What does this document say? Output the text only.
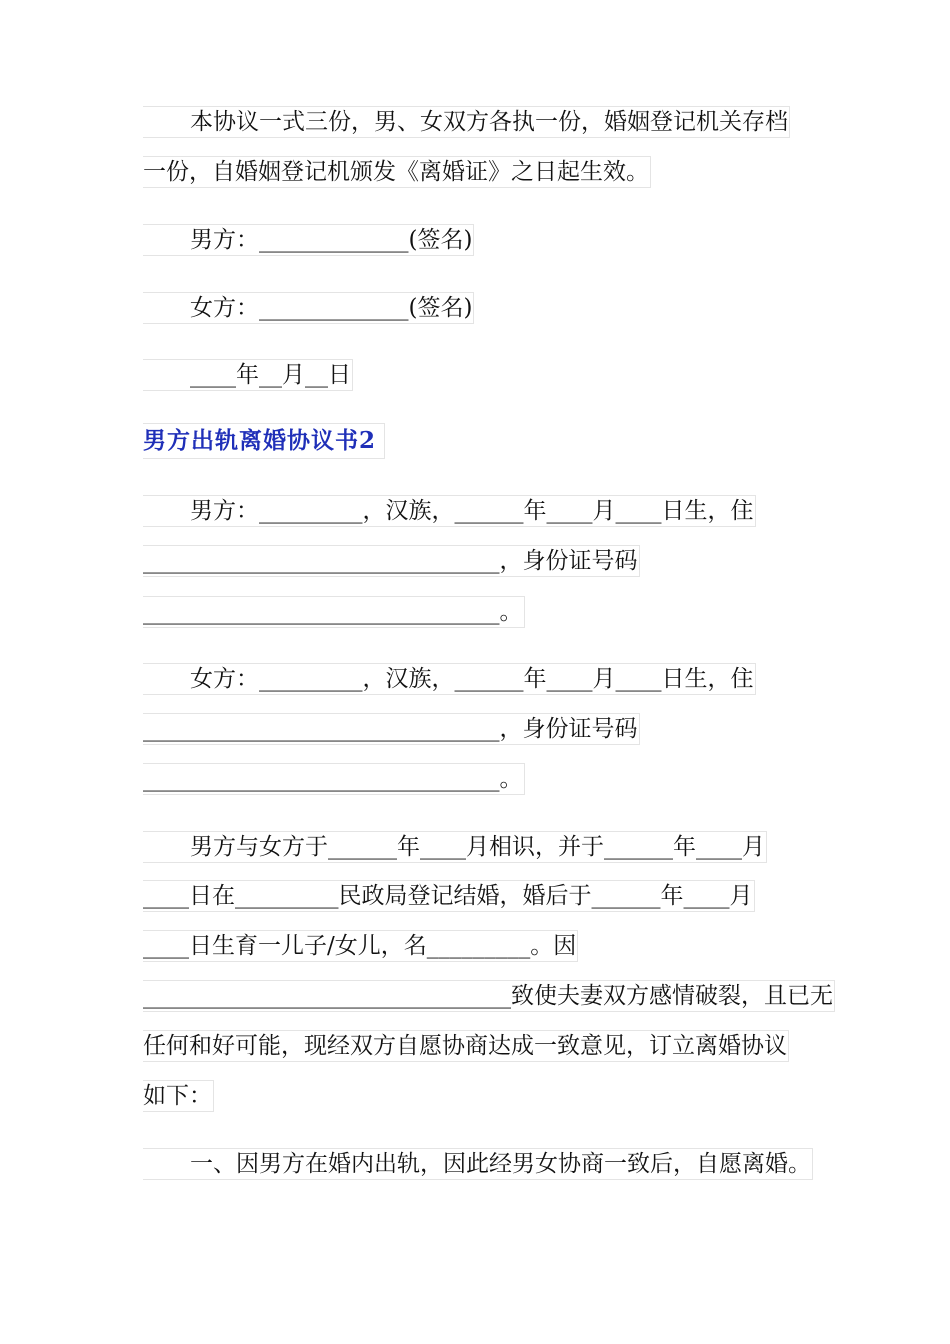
本协议一式三份，男、女双方各执一份，婚姻登记机关存档
一份，自婚姻登记机颁发《离婚证》之日起生效。
男方：_____________(签名)
女方：_____________(签名)
____年__月__日
男方出轨离婚协议书2
男方：_________，汉族，______年____月____日生，住
_______________________________，身份证号码
_______________________________。
女方：_________，汉族，______年____月____日生，住
_______________________________，身份证号码
_______________________________。
男方与女方于______年____月相识，并于______年____月
____日在_________民政局登记结婚，婚后于______年____月
____日生育一儿子/女儿，名_________。因
________________________________致使夫妻双方感情破裂，且已无
任何和好可能，现经双方自愿协商达成一致意见，订立离婚协议
如下：
一、因男方在婚内出轨，因此经男女协商一致后，自愿离婚。
